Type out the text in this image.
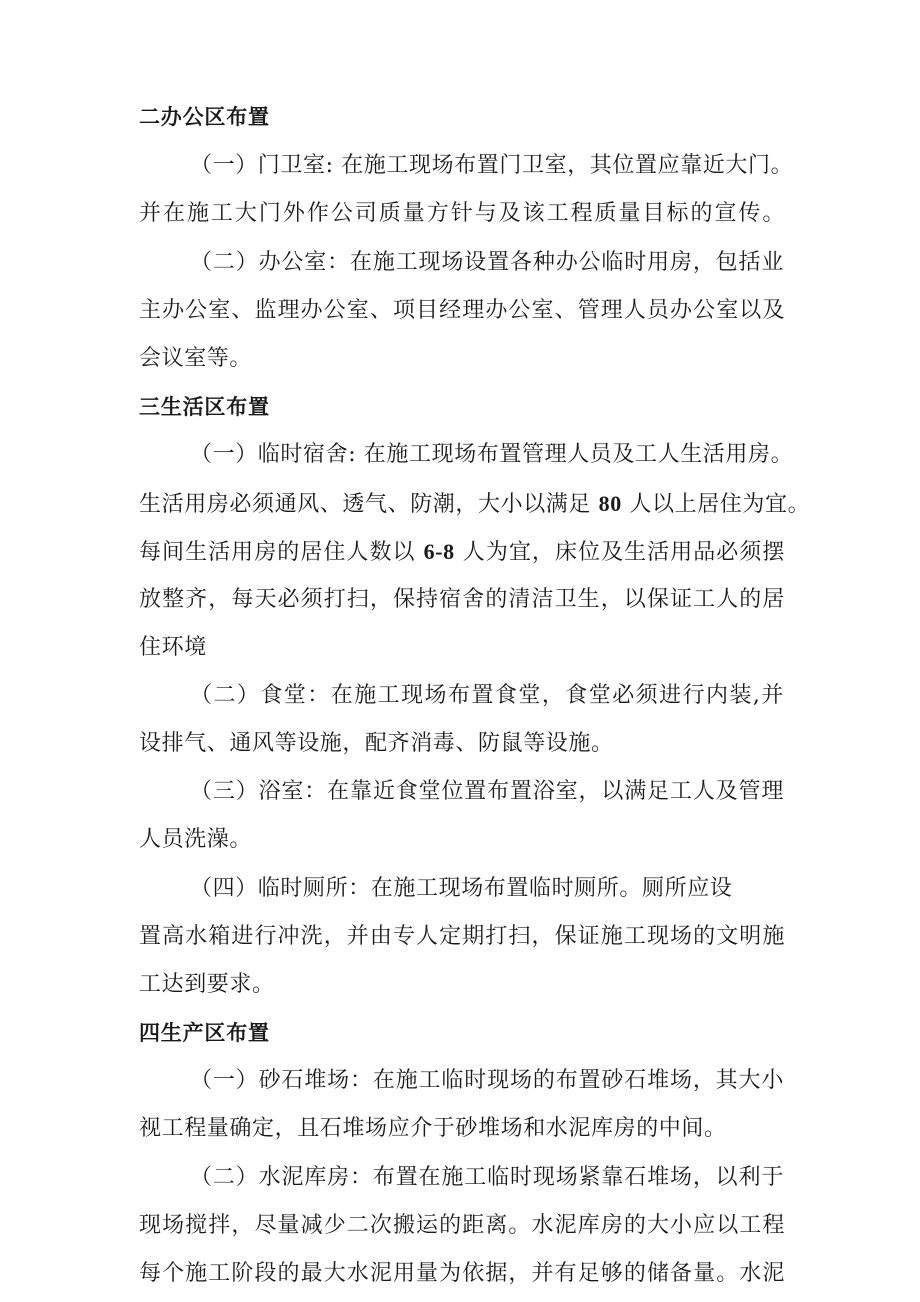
二办公区布置
（一）门卫室: 在施工现场布置门卫室，其位置应靠近大门。
并在施工大门外作公司质量方针与及该工程质量目标的宣传。
（二）办公室：在施工现场设置各种办公临时用房，包括业
主办公室、监理办公室、项目经理办公室、管理人员办公室以及
会议室等。
三生活区布置
（一）临时宿舍: 在施工现场布置管理人员及工人生活用房。
生活用房必须通风、透气、防潮，大小以满足 80 人以上居住为宜。
每间生活用房的居住人数以 6-8 人为宜，床位及生活用品必须摆
放整齐，每天必须打扫，保持宿舍的清洁卫生，以保证工人的居
住环境
（二）食堂：在施工现场布置食堂，食堂必须进行内装,并
设排气、通风等设施，配齐消毒、防鼠等设施。
（三）浴室：在靠近食堂位置布置浴室，以满足工人及管理
人员洗澡。
（四）临时厕所：在施工现场布置临时厕所。厕所应设
置高水箱进行冲洗，并由专人定期打扫，保证施工现场的文明施
工达到要求。
四生产区布置
（一）砂石堆场：在施工临时现场的布置砂石堆场，其大小
视工程量确定，且石堆场应介于砂堆场和水泥库房的中间。
（二）水泥库房：布置在施工临时现场紧靠石堆场，以利于
现场搅拌，尽量减少二次搬运的距离。水泥库房的大小应以工程
每个施工阶段的最大水泥用量为依据，并有足够的储备量。水泥
